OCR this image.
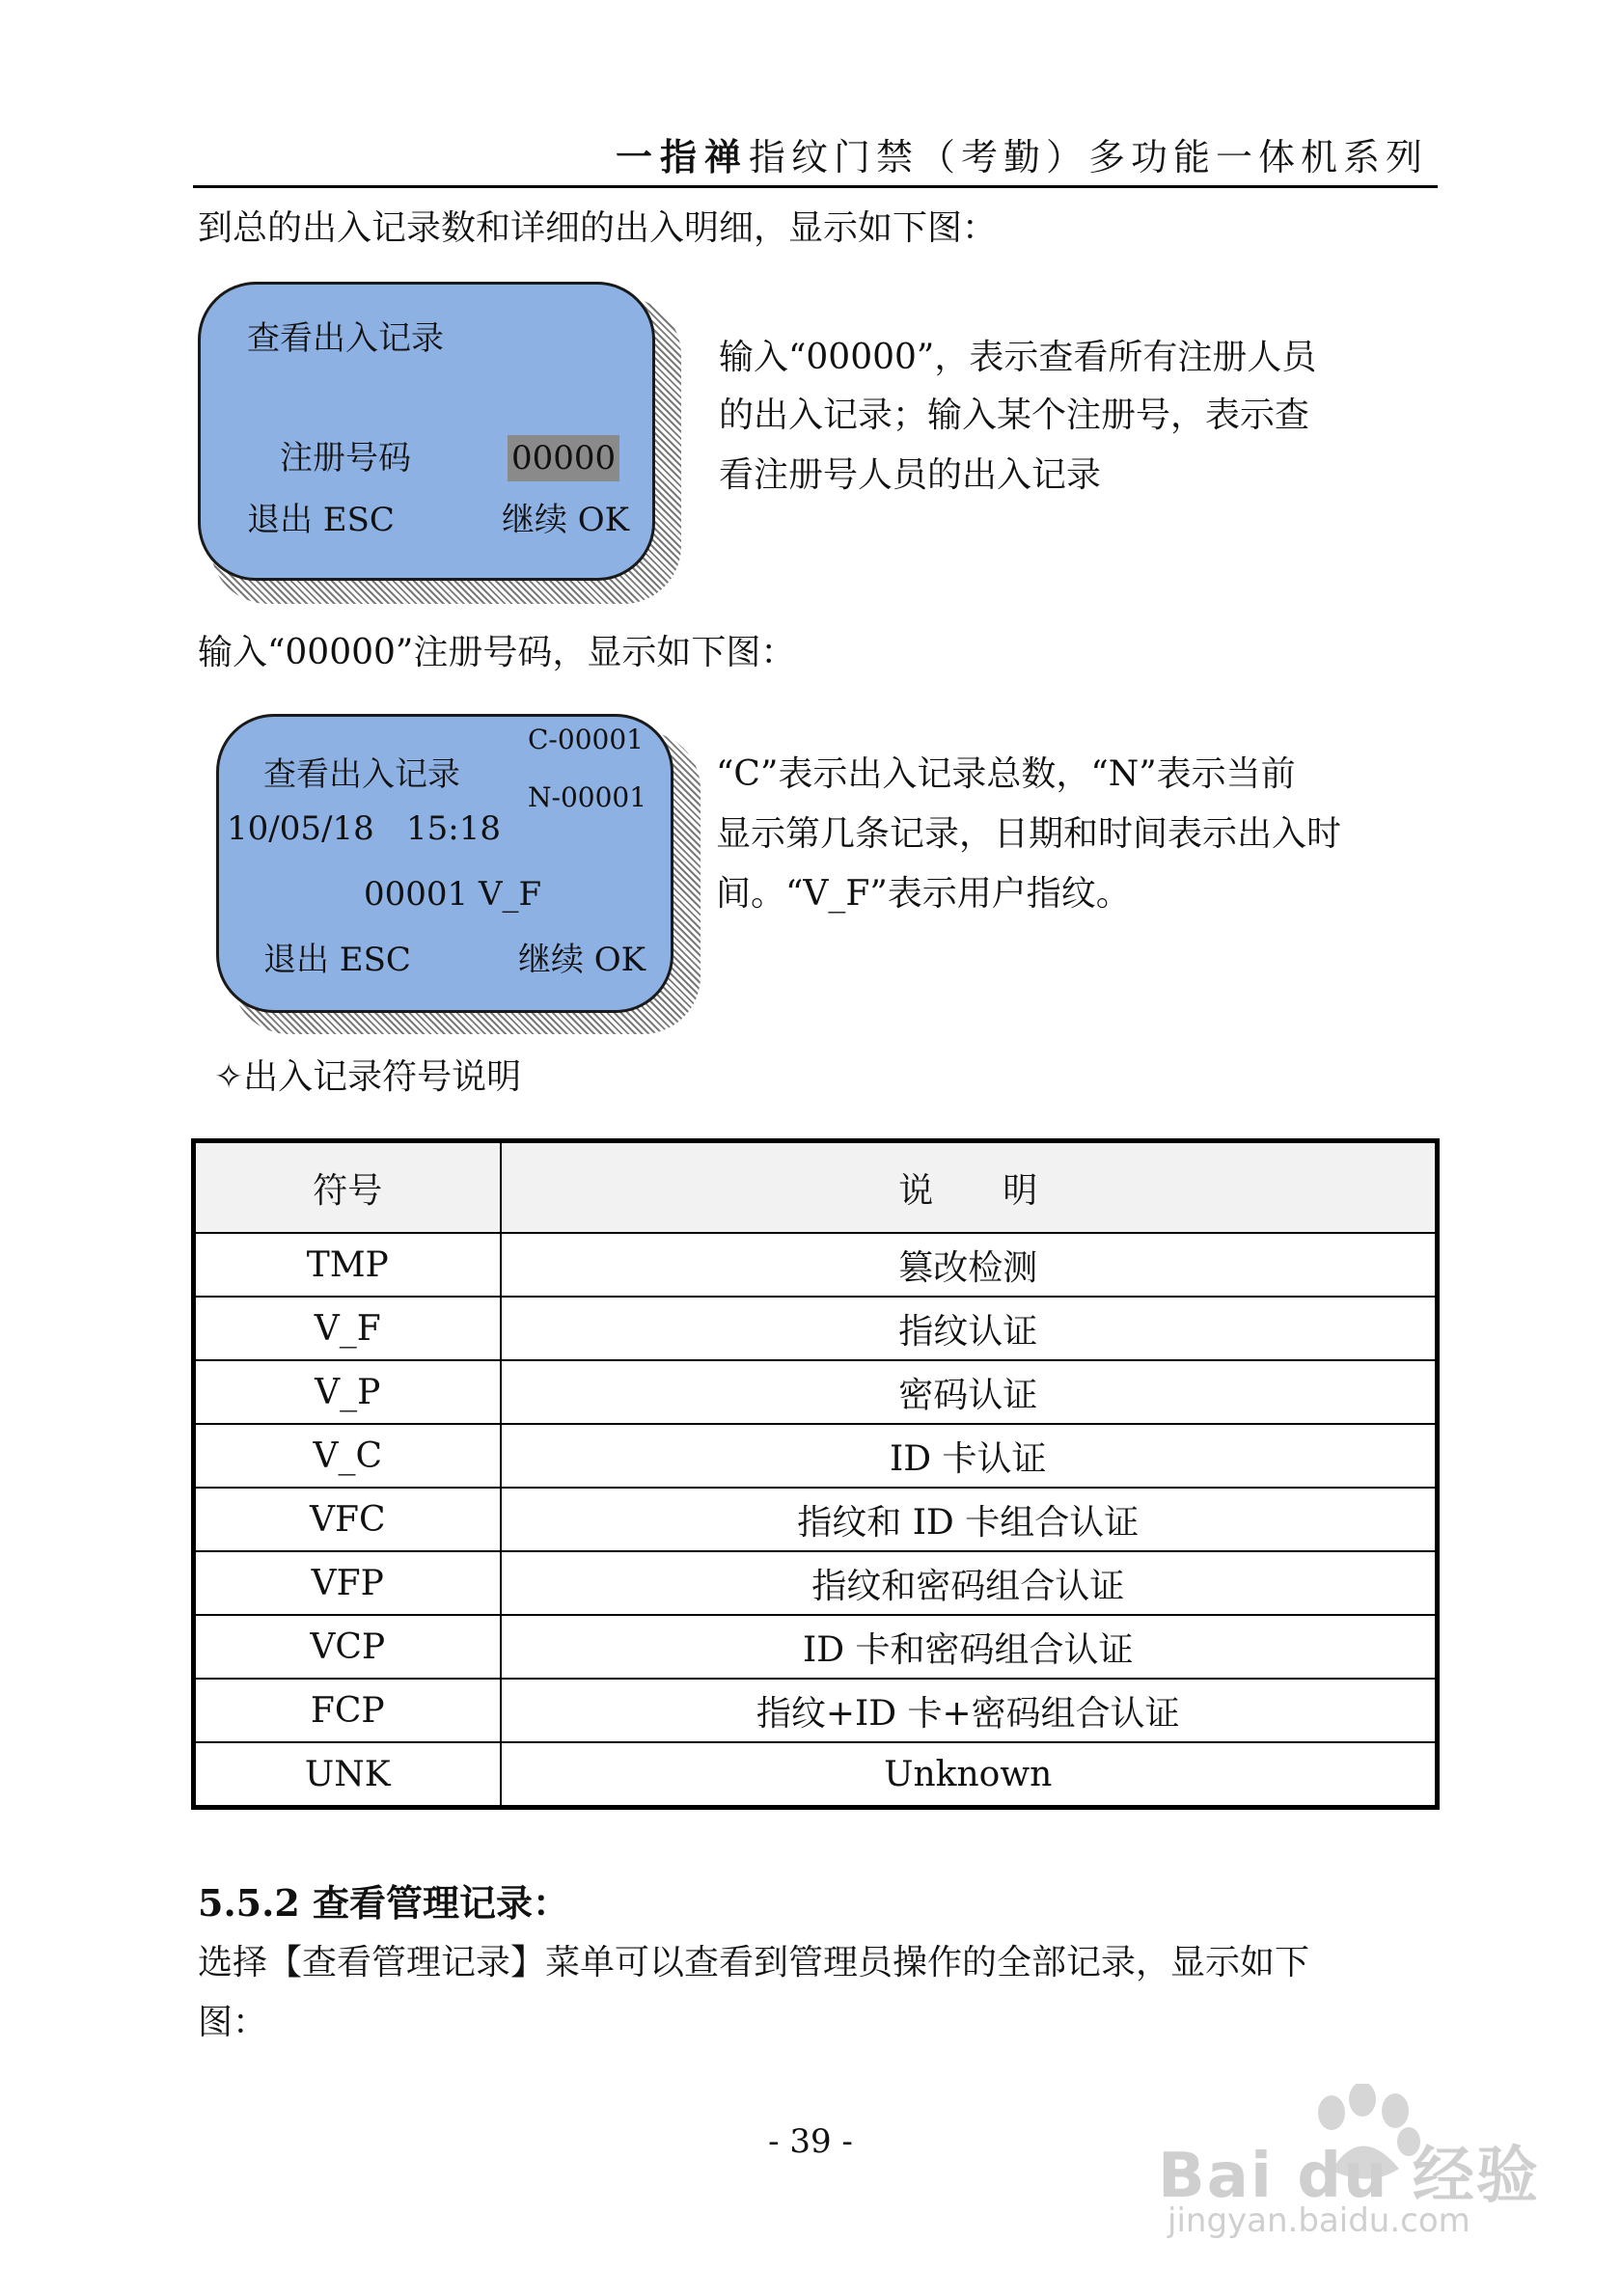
一指禅指纹门禁（考勤）多功能一体机系列
到总的出入记录数和详细的出入明细，显示如下图：
查看出入记录
注册号码	00000
退出 ESC	继续 OK
输入“00000”，表示查看所有注册人员
的出入记录；输入某个注册号，表示查
看注册号人员的出入记录
输入“00000”注册号码，显示如下图：
C-00001
查看出入记录
N-00001
10/05/18 15:18
00001 V_F
退出 ESC	继续 OK
“C”表示出入记录总数，“N”表示当前
显示第几条记录，日期和时间表示出入时
间。“V_F”表示用户指纹。
✧出入记录符号说明
符号	说　　明
TMP	篡改检测
V_F	指纹认证
V_P	密码认证
V_C	ID 卡认证
VFC	指纹和 ID 卡组合认证
VFP	指纹和密码组合认证
VCP	ID 卡和密码组合认证
FCP	指纹+ID 卡+密码组合认证
UNK	Unknown
5.5.2 查看管理记录：
选择【查看管理记录】菜单可以查看到管理员操作的全部记录，显示如下
图：
- 39 -	Bai du 经验
jingyan.baidu.com
